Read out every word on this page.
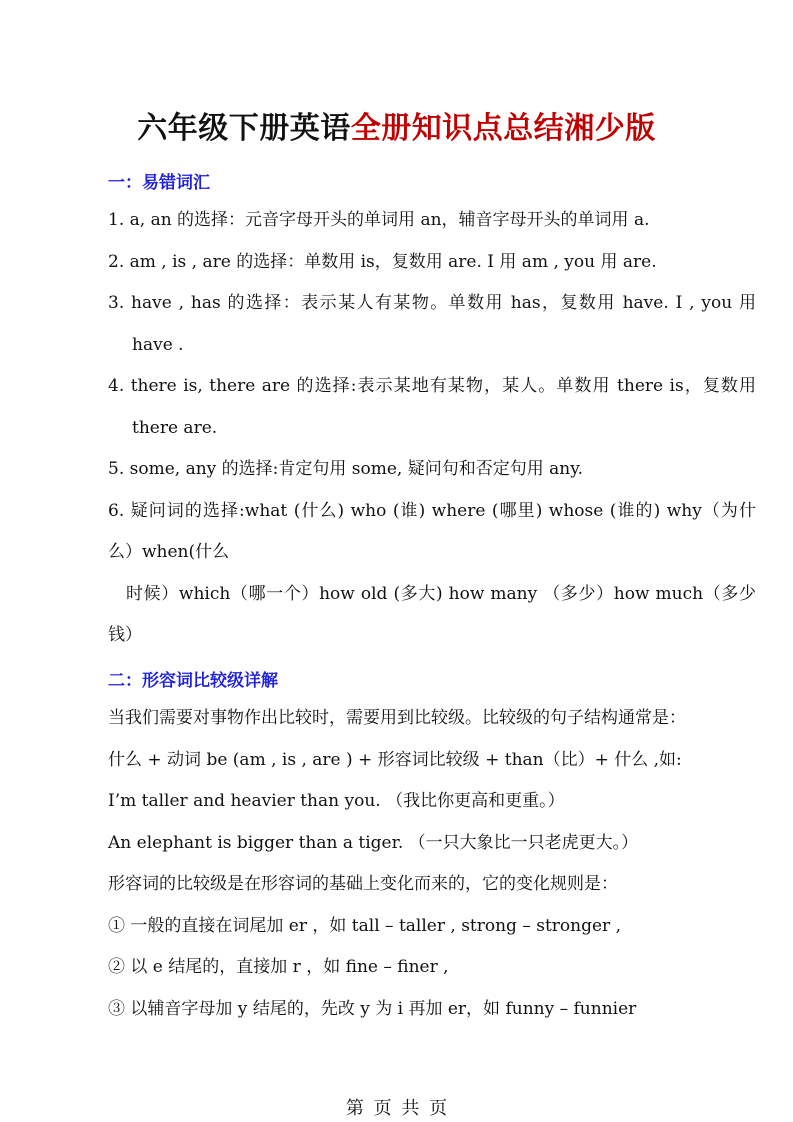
六年级下册英语全册知识点总结湘少版
一：易错词汇
1. a, an 的选择：元音字母开头的单词用 an，辅音字母开头的单词用 a.
2. am , is , are 的选择：单数用 is，复数用 are. I 用 am , you 用 are.
3. have , has 的选择：表示某人有某物。单数用 has，复数用 have. I , you 用
have .
4. there is, there are 的选择:表示某地有某物，某人。单数用 there is，复数用
there are.
5. some, any 的选择:肯定句用 some, 疑问句和否定句用 any.
6. 疑问词的选择:what (什么) who (谁) where (哪里) whose (谁的) why（为什
么）when(什么
时候）which（哪一个）how old (多大) how many （多少）how much（多少
钱）
二：形容词比较级详解
当我们需要对事物作出比较时，需要用到比较级。比较级的句子结构通常是：
什么 + 动词 be (am , is , are ) + 形容词比较级 + than（比）+ 什么 ,如:
I’m taller and heavier than you. （我比你更高和更重。）
An elephant is bigger than a tiger. （一只大象比一只老虎更大。）
形容词的比较级是在形容词的基础上变化而来的，它的变化规则是：
① 一般的直接在词尾加 er ，如 tall – taller , strong – stronger ,
② 以 e 结尾的，直接加 r ，如 fine – finer ,
③ 以辅音字母加 y 结尾的，先改 y 为 i 再加 er，如 funny – funnier
第 页 共 页
